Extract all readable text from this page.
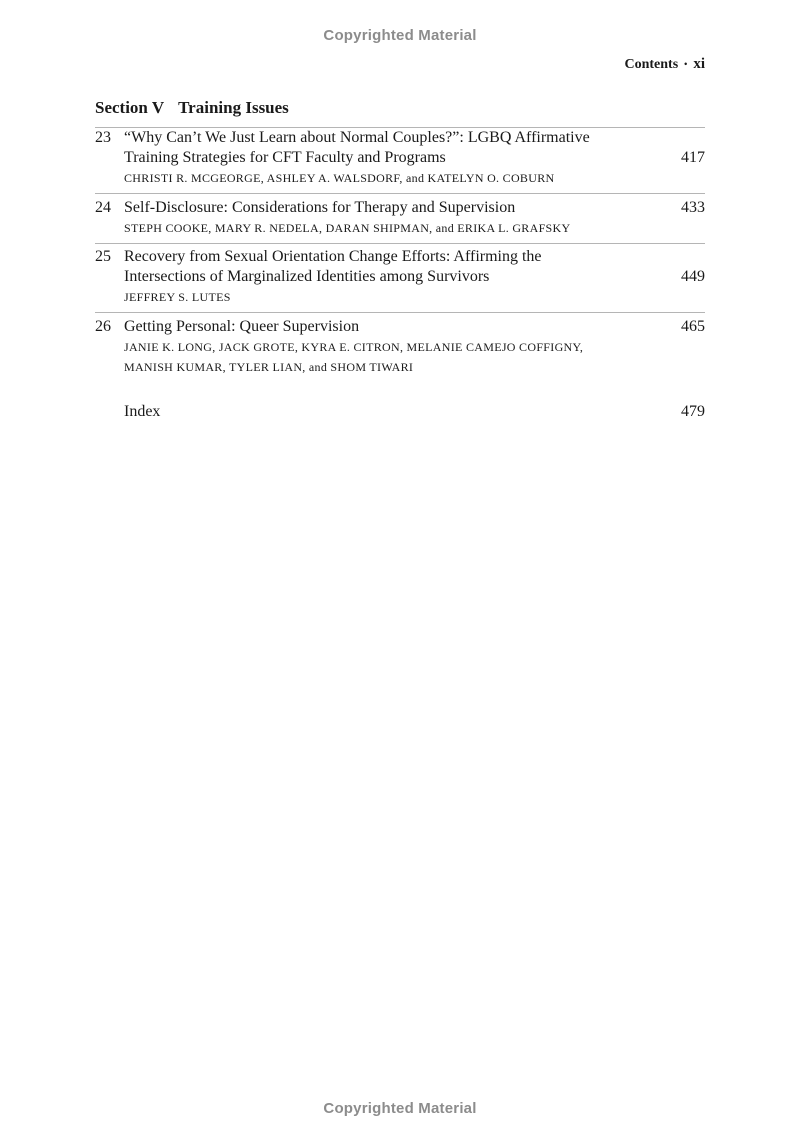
Copyrighted Material
Contents • xi
Section V Training Issues
23 “Why Can’t We Just Learn about Normal Couples?”: LGBQ Affirmative
Training Strategies for CFT Faculty and Programs
CHRISTI R. MCGEORGE, ASHLEY A. WALSDORF, and KATELYN O. COBURN
417
24 Self-Disclosure: Considerations for Therapy and Supervision
STEPH COOKE, MARY R. NEDELA, DARAN SHIPMAN, and ERIKA L. GRAFSKY
433
25 Recovery from Sexual Orientation Change Efforts: Affirming the
Intersections of Marginalized Identities among Survivors
JEFFREY S. LUTES
449
26 Getting Personal: Queer Supervision
JANIE K. LONG, JACK GROTE, KYRA E. CITRON, MELANIE CAMEJO COFFIGNY,
MANISH KUMAR, TYLER LIAN, and SHOM TIWARI
465
Index	479
Copyrighted Material
